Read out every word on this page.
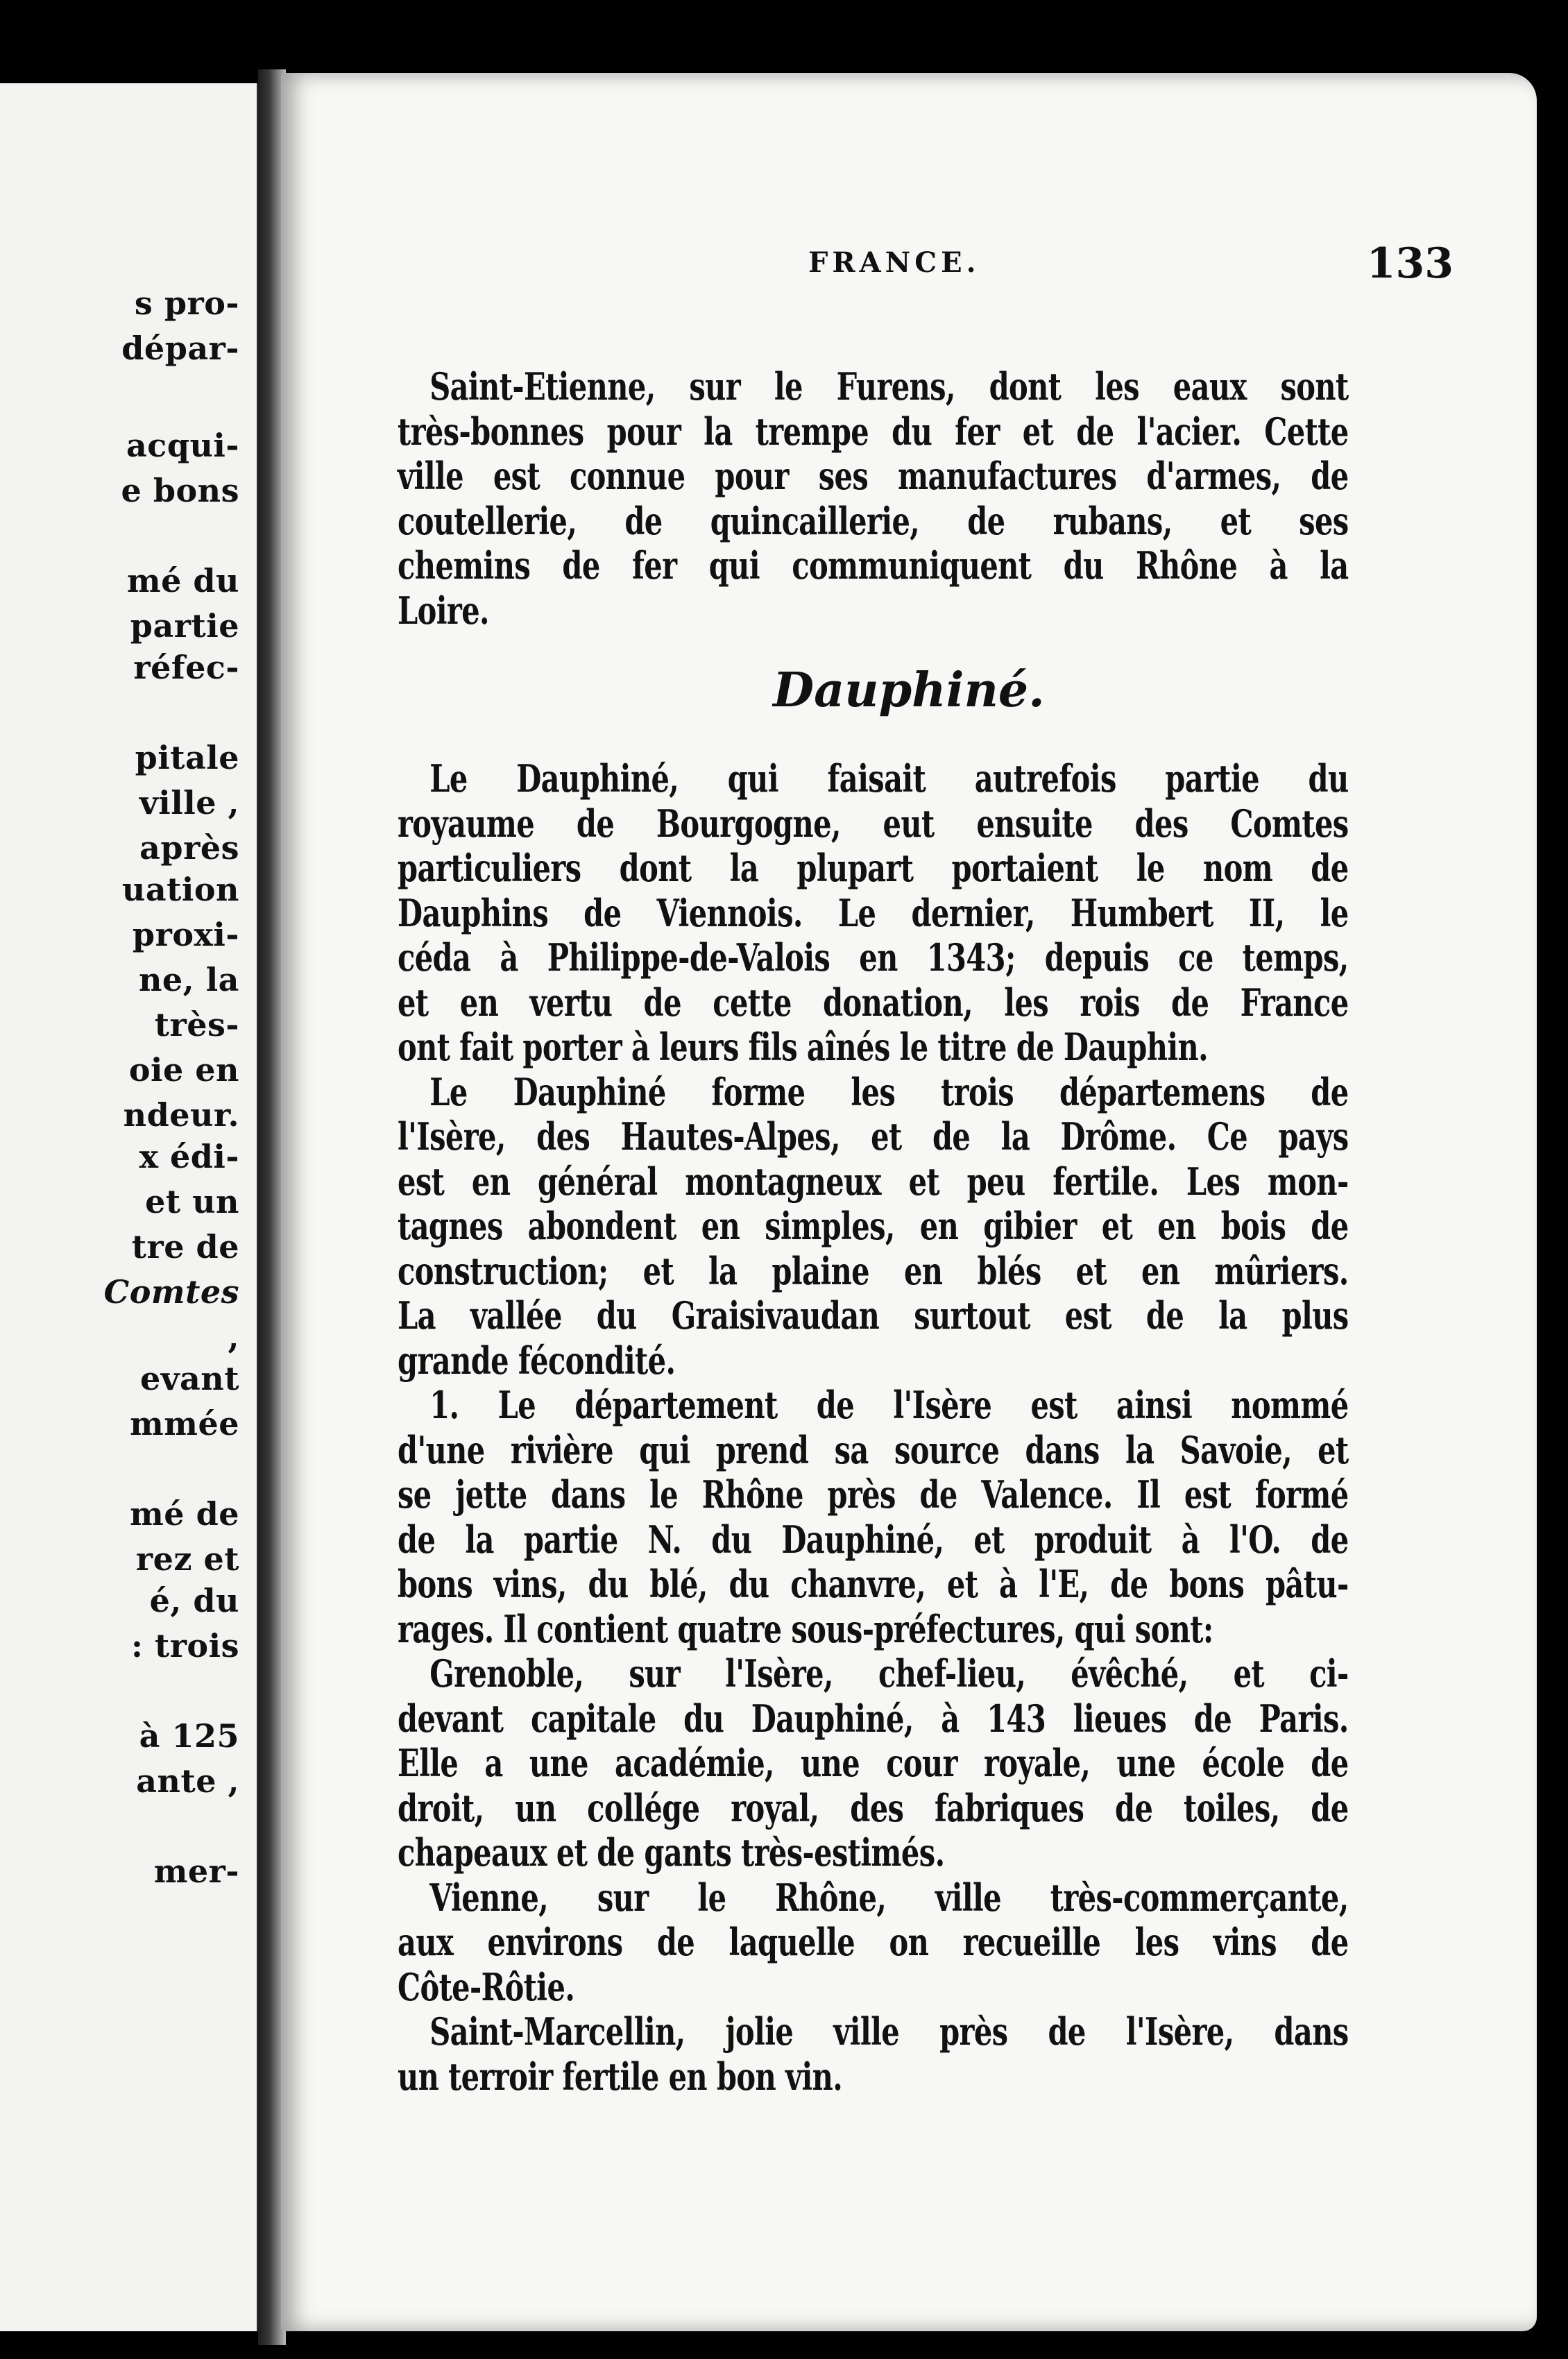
s pro-
dépar-
acqui-
e bons
mé du
partie
réfec-
pitale
ville ,
après
uation
proxi-
ne, la
très-
oie en
ndeur.
x édi-
et un
tre de
Comtes
,
evant
mmée
mé de
rez et
é, du
: trois
à 125
ante ,
mer-
FRANCE.	133

Saint-Etienne, sur le Furens, dont les eaux sont

très-bonnes pour la trempe du fer et de l'acier. Cette

ville est connue pour ses manufactures d'armes, de

coutellerie, de quincaillerie, de rubans, et ses

chemins de fer qui communiquent du Rhône à la

Loire.

Dauphiné.

Le Dauphiné, qui faisait autrefois partie du

royaume de Bourgogne, eut ensuite des Comtes

particuliers dont la plupart portaient le nom de

Dauphins de Viennois. Le dernier, Humbert II, le

céda à Philippe-de-Valois en 1343; depuis ce temps,

et en vertu de cette donation, les rois de France

ont fait porter à leurs fils aînés le titre de Dauphin.

Le Dauphiné forme les trois départemens de

l'Isère, des Hautes-Alpes, et de la Drôme. Ce pays

est en général montagneux et peu fertile. Les mon-

tagnes abondent en simples, en gibier et en bois de

construction; et la plaine en blés et en mûriers.

La vallée du Graisivaudan surtout est de la plus

grande fécondité.

1. Le département de l'Isère est ainsi nommé

d'une rivière qui prend sa source dans la Savoie, et

se jette dans le Rhône près de Valence. Il est formé

de la partie N. du Dauphiné, et produit à l'O. de

bons vins, du blé, du chanvre, et à l'E, de bons pâtu-

rages. Il contient quatre sous-préfectures, qui sont:

Grenoble, sur l'Isère, chef-lieu, évêché, et ci-

devant capitale du Dauphiné, à 143 lieues de Paris.

Elle a une académie, une cour royale, une école de

droit, un collége royal, des fabriques de toiles, de

chapeaux et de gants très-estimés.

Vienne, sur le Rhône, ville très-commerçante,

aux environs de laquelle on recueille les vins de

Côte-Rôtie.

Saint-Marcellin, jolie ville près de l'Isère, dans

un terroir fertile en bon vin.
